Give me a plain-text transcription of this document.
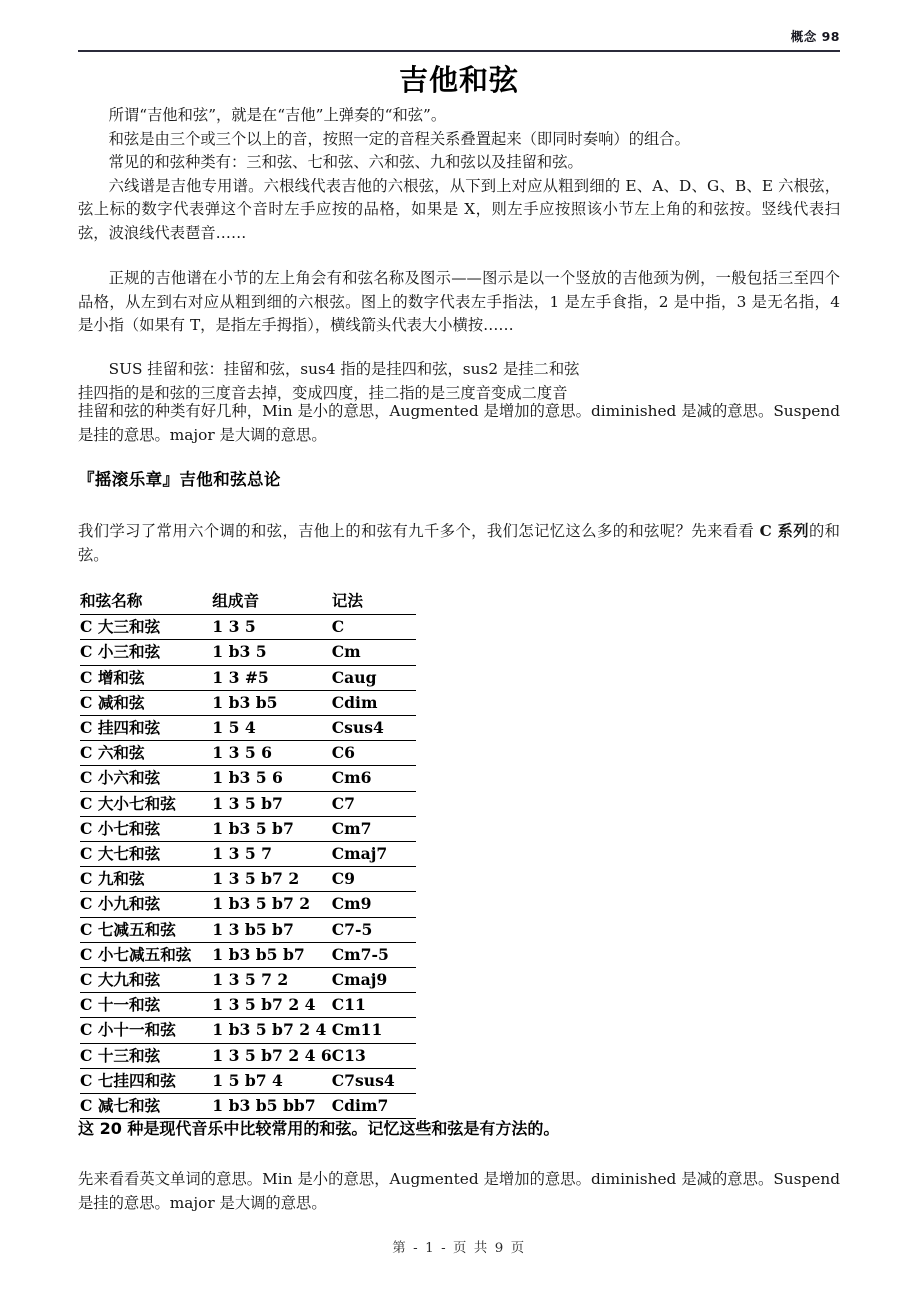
概念 98
吉他和弦

所谓“吉他和弦”，就是在“吉他”上弹奏的“和弦”。

和弦是由三个或三个以上的音，按照一定的音程关系叠置起来（即同时奏响）的组合。

常见的和弦种类有：三和弦、七和弦、六和弦、九和弦以及挂留和弦。

六线谱是吉他专用谱。六根线代表吉他的六根弦，从下到上对应从粗到细的 E、A、D、G、B、E 六根弦，弦上标的数字代表弹这个音时左手应按的品格，如果是 X，则左手应按照该小节左上角的和弦按。竖线代表扫弦，波浪线代表琶音……

正规的吉他谱在小节的左上角会有和弦名称及图示——图示是以一个竖放的吉他颈为例，一般包括三至四个品格，从左到右对应从粗到细的六根弦。图上的数字代表左手指法，1 是左手食指，2 是中指，3 是无名指，4 是小指（如果有 T，是指左手拇指），横线箭头代表大小横按……

SUS 挂留和弦：挂留和弦，sus4 指的是挂四和弦，sus2 是挂二和弦

挂四指的是和弦的三度音去掉，变成四度，挂二指的是三度音变成二度音

挂留和弦的种类有好几种，Min 是小的意思，Augmented 是增加的意思。diminished 是减的意思。Suspend 是挂的意思。major 是大调的意思。

『摇滚乐章』吉他和弦总论

我们学习了常用六个调的和弦，吉他上的和弦有九千多个，我们怎记忆这么多的和弦呢？先来看看 C 系列的和弦。

和弦名称	组成音	记法
C 大三和弦	1 3 5	C
C 小三和弦	1 b3 5	Cm
C 增和弦	1 3 #5	Caug
C 减和弦	1 b3 b5	Cdim
C 挂四和弦	1 5 4	Csus4
C 六和弦	1 3 5 6	C6
C 小六和弦	1 b3 5 6	Cm6
C 大小七和弦	1 3 5 b7	C7
C 小七和弦	1 b3 5 b7	Cm7
C 大七和弦	1 3 5 7	Cmaj7
C 九和弦	1 3 5 b7 2	C9
C 小九和弦	1 b3 5 b7 2	Cm9
C 七减五和弦	1 3 b5 b7	C7-5
C 小七减五和弦	1 b3 b5 b7	Cm7-5
C 大九和弦	1 3 5 7 2	Cmaj9
C 十一和弦	1 3 5 b7 2 4	C11
C 小十一和弦	1 b3 5 b7 2 4	Cm11
C 十三和弦	1 3 5 b7 2 4 6	C13
C 七挂四和弦	1 5 b7 4	C7sus4
C 减七和弦	1 b3 b5 bb7	Cdim7
这 20 种是现代音乐中比较常用的和弦。记忆这些和弦是有方法的。

先来看看英文单词的意思。Min 是小的意思，Augmented 是增加的意思。diminished 是减的意思。Suspend 是挂的意思。major 是大调的意思。

第 - 1 - 页 共 9 页
